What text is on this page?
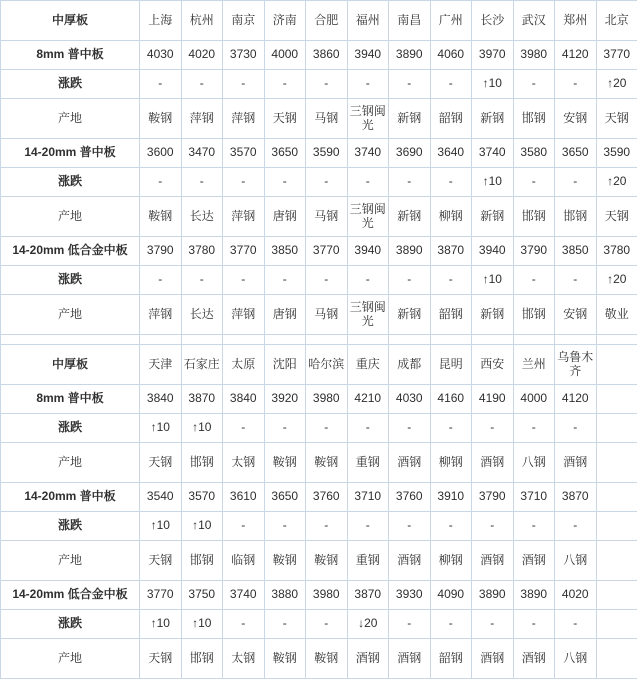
中厚板	上海	杭州	南京	济南	合肥	福州	南昌	广州	长沙	武汉	郑州	北京
8mm 普中板	4030	4020	3730	4000	3860	3940	3890	4060	3970	3980	4120	3770
涨跌	-	-	-	-	-	-	-	-	↑10	-	-	↑20
产地	鞍钢	萍钢	萍钢	天钢	马钢	三钢闽光	新钢	韶钢	新钢	邯钢	安钢	天钢
14-20mm 普中板	3600	3470	3570	3650	3590	3740	3690	3640	3740	3580	3650	3590
涨跌	-	-	-	-	-	-	-	-	↑10	-	-	↑20
产地	鞍钢	长达	萍钢	唐钢	马钢	三钢闽光	新钢	柳钢	新钢	邯钢	邯钢	天钢
14-20mm 低合金中板	3790	3780	3770	3850	3770	3940	3890	3870	3940	3790	3850	3780
涨跌	-	-	-	-	-	-	-	-	↑10	-	-	↑20
产地	萍钢	长达	萍钢	唐钢	马钢	三钢闽光	新钢	韶钢	新钢	邯钢	安钢	敬业

中厚板	天津	石家庄	太原	沈阳	哈尔滨	重庆	成都	昆明	西安	兰州	乌鲁木齐	
8mm 普中板	3840	3870	3840	3920	3980	4210	4030	4160	4190	4000	4120	
涨跌	↑10	↑10	-	-	-	-	-	-	-	-	-	
产地	天钢	邯钢	太钢	鞍钢	鞍钢	重钢	酒钢	柳钢	酒钢	八钢	酒钢	
14-20mm 普中板	3540	3570	3610	3650	3760	3710	3760	3910	3790	3710	3870	
涨跌	↑10	↑10	-	-	-	-	-	-	-	-	-	
产地	天钢	邯钢	临钢	鞍钢	鞍钢	重钢	酒钢	柳钢	酒钢	酒钢	八钢	
14-20mm 低合金中板	3770	3750	3740	3880	3980	3870	3930	4090	3890	3890	4020	
涨跌	↑10	↑10	-	-	-	↓20	-	-	-	-	-	
产地	天钢	邯钢	太钢	鞍钢	鞍钢	酒钢	酒钢	韶钢	酒钢	酒钢	八钢	
